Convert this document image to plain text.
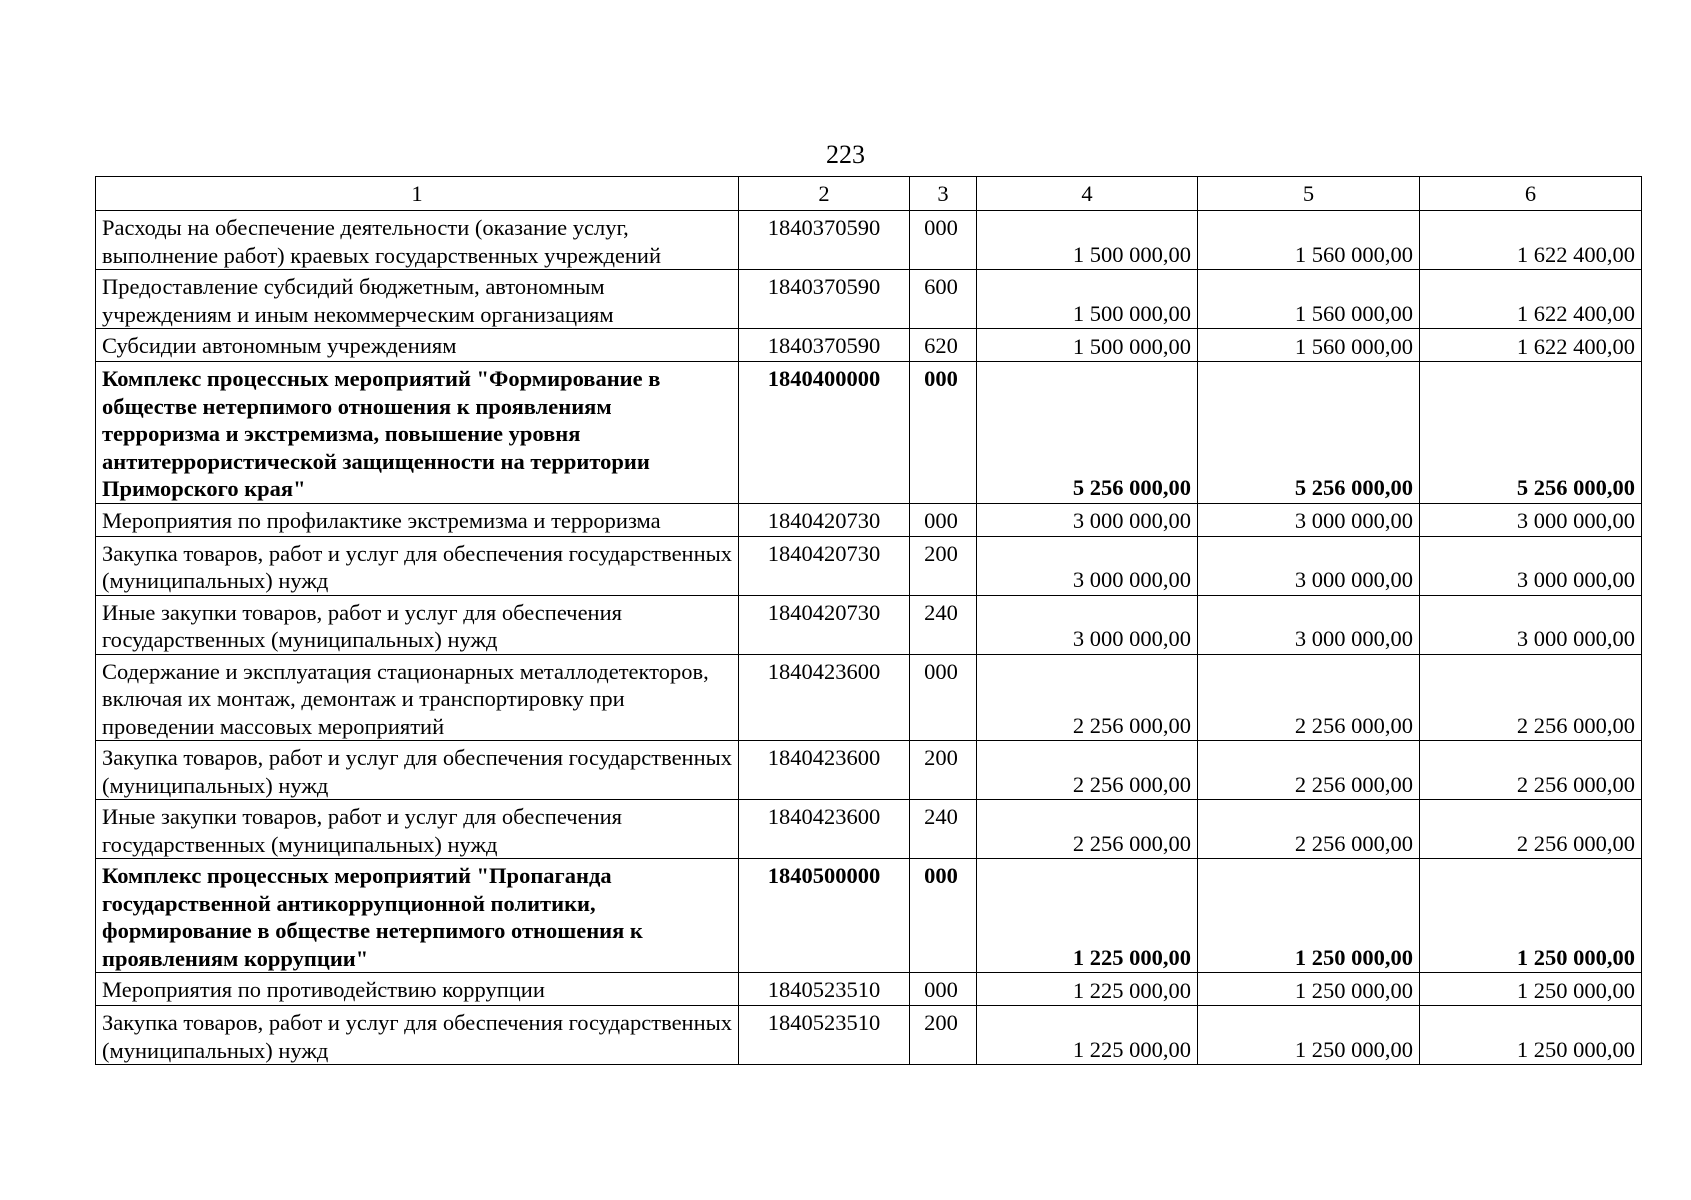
223
1	2	3	4	5	6
Расходы на обеспечение деятельности (оказание услуг, выполнение работ) краевых государственных учреждений	1840370590	000	1 500 000,00	1 560 000,00	1 622 400,00
Предоставление субсидий бюджетным, автономным учреждениям и иным некоммерческим организациям	1840370590	600	1 500 000,00	1 560 000,00	1 622 400,00
Субсидии автономным учреждениям	1840370590	620	1 500 000,00	1 560 000,00	1 622 400,00
Комплекс процессных мероприятий "Формирование в обществе нетерпимого отношения к проявлениям терроризма и экстремизма, повышение уровня антитеррористической защищенности на территории Приморского края"	1840400000	000	5 256 000,00	5 256 000,00	5 256 000,00
Мероприятия по профилактике экстремизма и терроризма	1840420730	000	3 000 000,00	3 000 000,00	3 000 000,00
Закупка товаров, работ и услуг для обеспечения государственных (муниципальных) нужд	1840420730	200	3 000 000,00	3 000 000,00	3 000 000,00
Иные закупки товаров, работ и услуг для обеспечения государственных (муниципальных) нужд	1840420730	240	3 000 000,00	3 000 000,00	3 000 000,00
Содержание и эксплуатация стационарных металлодетекторов, включая их монтаж, демонтаж и транспортировку при проведении массовых мероприятий	1840423600	000	2 256 000,00	2 256 000,00	2 256 000,00
Закупка товаров, работ и услуг для обеспечения государственных (муниципальных) нужд	1840423600	200	2 256 000,00	2 256 000,00	2 256 000,00
Иные закупки товаров, работ и услуг для обеспечения государственных (муниципальных) нужд	1840423600	240	2 256 000,00	2 256 000,00	2 256 000,00
Комплекс процессных мероприятий "Пропаганда государственной антикоррупционной политики, формирование в обществе нетерпимого отношения к проявлениям коррупции"	1840500000	000	1 225 000,00	1 250 000,00	1 250 000,00
Мероприятия по противодействию коррупции	1840523510	000	1 225 000,00	1 250 000,00	1 250 000,00
Закупка товаров, работ и услуг для обеспечения государственных (муниципальных) нужд	1840523510	200	1 225 000,00	1 250 000,00	1 250 000,00
